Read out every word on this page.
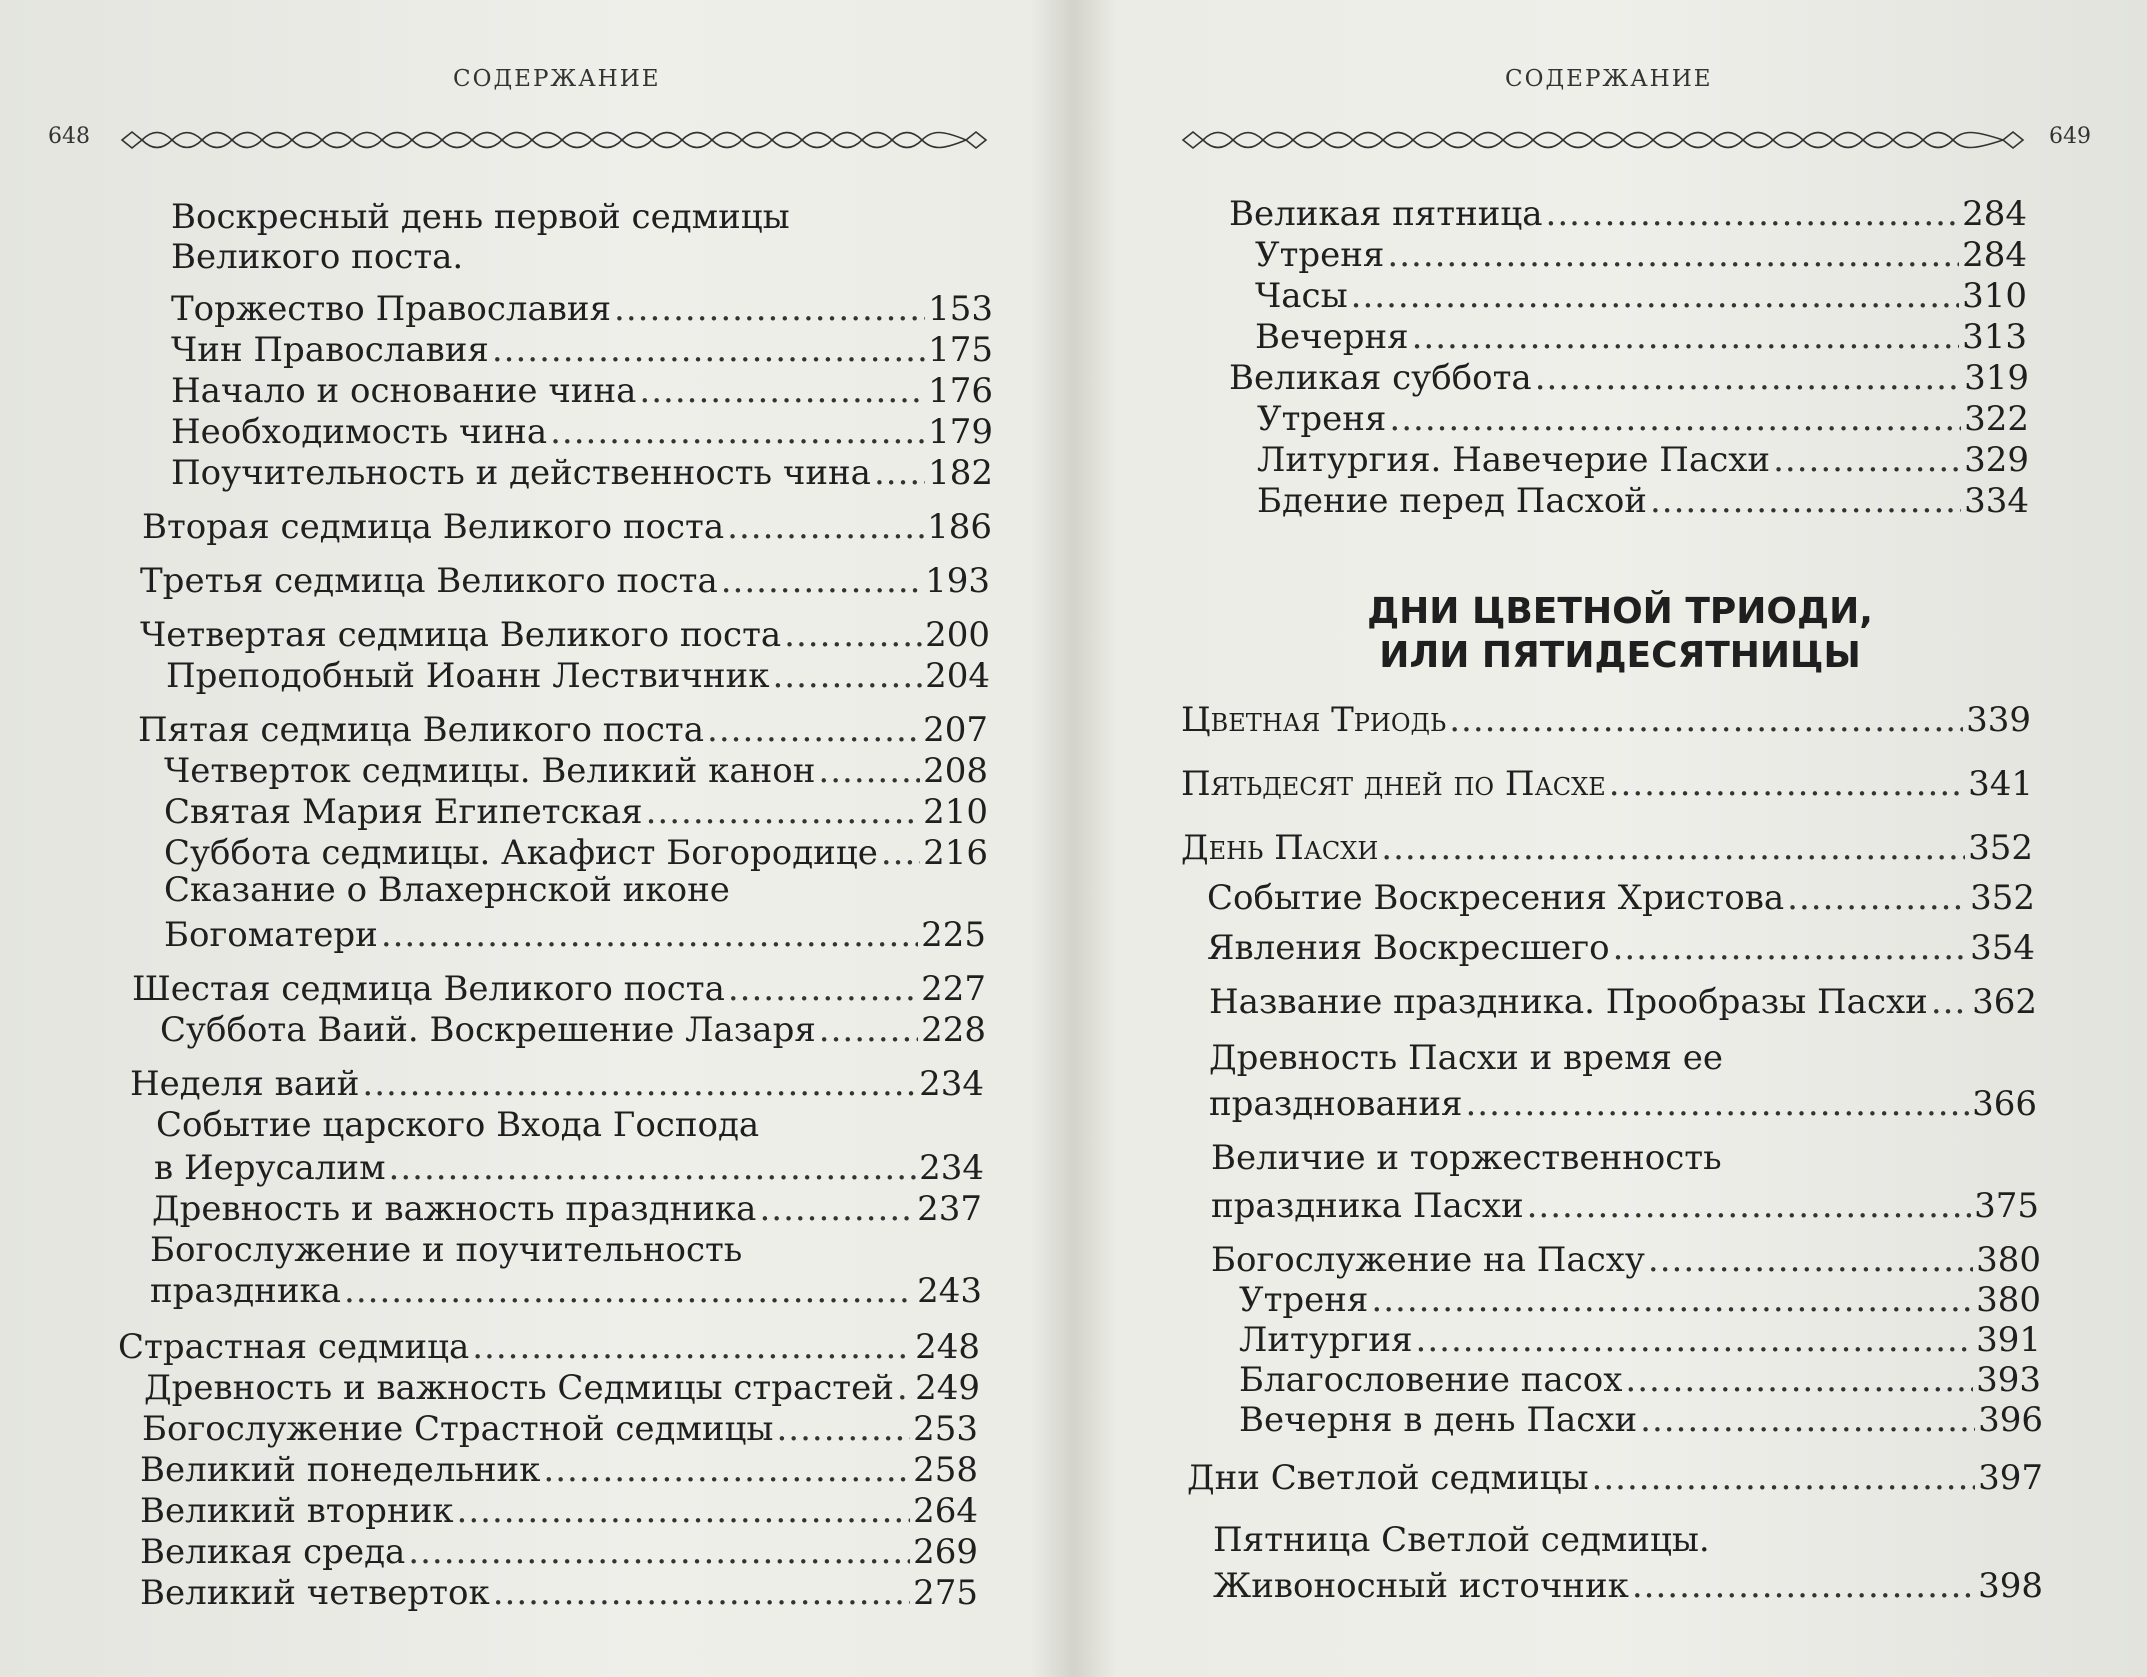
СОДЕРЖАНИЕ
648
Воскресный день первой седмицы
Великого поста.
Торжество Православия .....	153
Чин Православия .....	175
Начало и основание чина .....	176
Необходимость чина .....	179
Поучительность и действенность чина ..... 182
Вторая седмица Великого поста .....	186
Третья седмица Великого поста .....	193
Четвертая седмица Великого поста .....	200
Преподобный Иоанн Лествичник .....	204
Пятая седмица Великого поста .....	207
Четверток седмицы. Великий канон .....	208
Святая Мария Египетская .....	210
Суббота седмицы. Акафист Богородице ..... 216
Сказание о Влахернской иконе
Богоматери .....	225
Шестая седмица Великого поста .....	227
Суббота Ваий. Воскрешение Лазаря .....	228
Неделя ваий .....	234
Событие царского Входа Господа
в Иерусалим .....	234
Древность и важность праздника .....	237
Богослужение и поучительность
праздника .....	243
Страстная седмица .....	248
Древность и важность Седмицы страстей ..... 249
Богослужение Страстной седмицы .....	253
Великий понедельник .....	258
Великий вторник .....	264
Великая среда .....	269
Великий четверток .....	275
СОДЕРЖАНИЕ
649
Великая пятница .....	284
Утреня .....	284
Часы .....	310
Вечерня .....	313
Великая суббота .....	319
Утреня .....	322
Литургия. Навечерие Пасхи .....	329
Бдение перед Пасхой .....	334
ДНИ ЦВЕТНОЙ ТРИОДИ,
ИЛИ ПЯТИДЕСЯТНИЦЫ
Цветная Триодь .....	339
Пятьдесят дней по Пасхе .....	341
День Пасхи .....	352
Событие Воскресения Христова .....	352
Явления Воскресшего .....	354
Название праздника. Прообразы Пасхи ..... 362
Древность Пасхи и время ее
празднования .....	366
Величие и торжественность
праздника Пасхи .....	375
Богослужение на Пасху .....	380
Утреня .....	380
Литургия .....	391
Благословение пасох .....	393
Вечерня в день Пасхи .....	396
Дни Светлой седмицы .....	397
Пятница Светлой седмицы.
Живоносный источник .....	398
